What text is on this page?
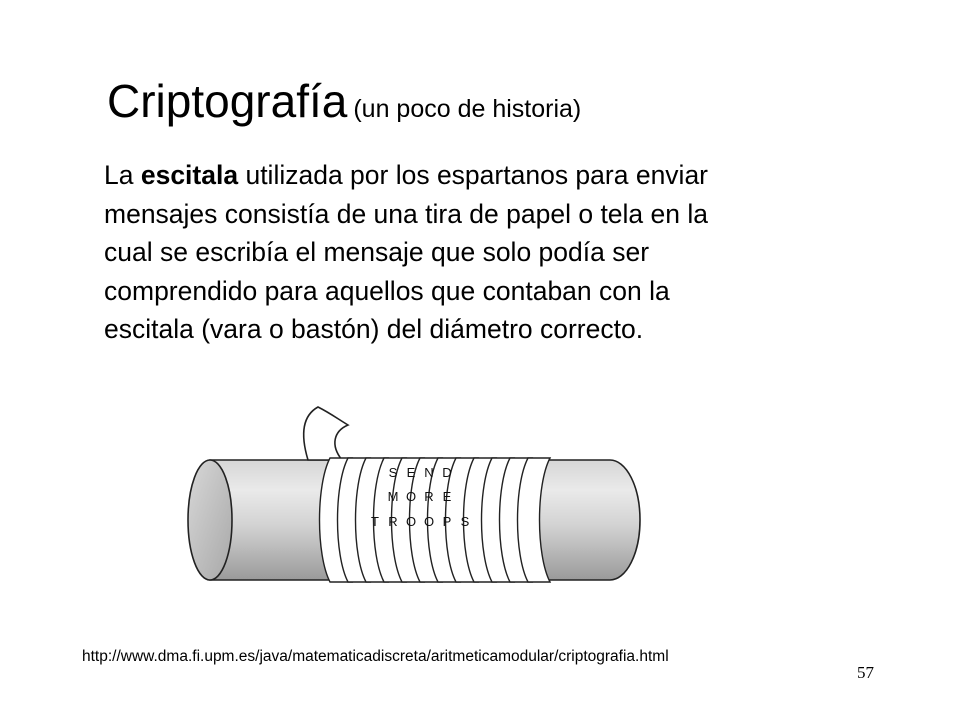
Criptografía (un poco de historia)

La escitala utilizada por los espartanos para enviar
mensajes consistía de una tira de papel o tela en la
cual se escribía el mensaje que solo podía ser
comprendido para aquellos que contaban con la
escitala (vara o bastón) del diámetro correcto.

S E N D
M O R E
T R O O P S
http://www.dma.fi.upm.es/java/matematicadiscreta/aritmeticamodular/criptografia.html
57
